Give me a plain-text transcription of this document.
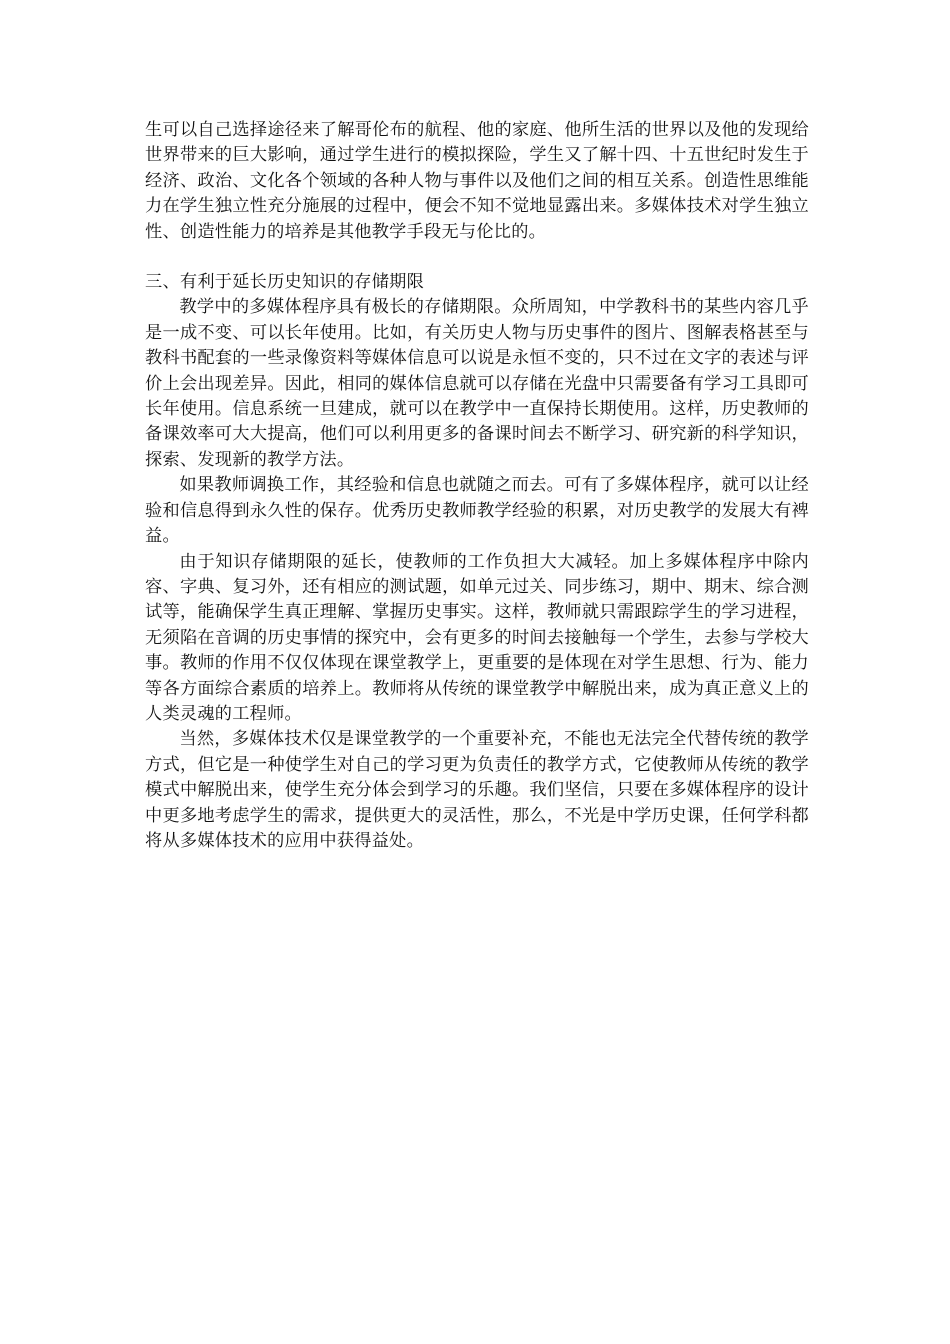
生可以自己选择途径来了解哥伦布的航程、他的家庭、他所生活的世界以及他的发现给世界带来的巨大影响，通过学生进行的模拟探险，学生又了解十四、十五世纪时发生于经济、政治、文化各个领域的各种人物与事件以及他们之间的相互关系。创造性思维能力在学生独立性充分施展的过程中，便会不知不觉地显露出来。多媒体技术对学生独立性、创造性能力的培养是其他教学手段无与伦比的。

三、有利于延长历史知识的存储期限

教学中的多媒体程序具有极长的存储期限。众所周知，中学教科书的某些内容几乎是一成不变、可以长年使用。比如，有关历史人物与历史事件的图片、图解表格甚至与教科书配套的一些录像资料等媒体信息可以说是永恒不变的，只不过在文字的表述与评价上会出现差异。因此，相同的媒体信息就可以存储在光盘中只需要备有学习工具即可长年使用。信息系统一旦建成，就可以在教学中一直保持长期使用。这样，历史教师的备课效率可大大提高，他们可以利用更多的备课时间去不断学习、研究新的科学知识，探索、发现新的教学方法。

如果教师调换工作，其经验和信息也就随之而去。可有了多媒体程序，就可以让经验和信息得到永久性的保存。优秀历史教师教学经验的积累，对历史教学的发展大有裨益。

由于知识存储期限的延长，使教师的工作负担大大减轻。加上多媒体程序中除内容、字典、复习外，还有相应的测试题，如单元过关、同步练习，期中、期末、综合测试等，能确保学生真正理解、掌握历史事实。这样，教师就只需跟踪学生的学习进程，无须陷在音调的历史事情的探究中，会有更多的时间去接触每一个学生，去参与学校大事。教师的作用不仅仅体现在课堂教学上，更重要的是体现在对学生思想、行为、能力等各方面综合素质的培养上。教师将从传统的课堂教学中解脱出来，成为真正意义上的人类灵魂的工程师。

当然，多媒体技术仅是课堂教学的一个重要补充，不能也无法完全代替传统的教学方式，但它是一种使学生对自己的学习更为负责任的教学方式，它使教师从传统的教学模式中解脱出来，使学生充分体会到学习的乐趣。我们坚信，只要在多媒体程序的设计中更多地考虑学生的需求，提供更大的灵活性，那么，不光是中学历史课，任何学科都将从多媒体技术的应用中获得益处。
